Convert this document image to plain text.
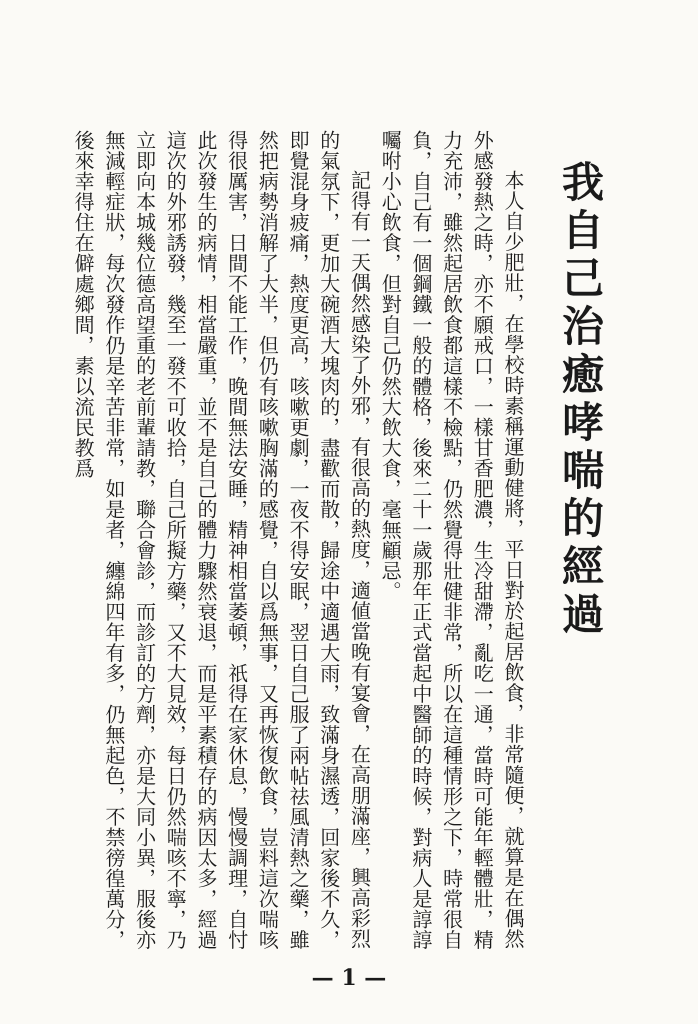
我自己治癒哮喘的經過

本人自少肥壯，在學校時素稱運動健將，平日對於起居飲食，非常隨便，就算是在偶然外感發熱之時，亦不願戒口，一樣甘香肥濃，生冷甜滯，亂吃一通，當時可能年輕體壯，精力充沛，雖然起居飲食都這樣不檢點，仍然覺得壯健非常，所以在這種情形之下，時常很自負，自己有一個鋼鐵一般的體格，後來二十一歲那年正式當起中醫師的時候，對病人是諄諄囑咐小心飲食，但對自己仍然大飲大食，毫無顧忌。

記得有一天偶然感染了外邪，有很高的熱度，適値當晚有宴會，在高朋滿座，興高彩烈的氣氛下，更加大碗酒大塊肉的，盡歡而散，歸途中適遇大雨，致滿身濕透，回家後不久，即覺混身疲痛，熱度更高，咳嗽更劇，一夜不得安眠，翌日自己服了兩帖祛風清熱之藥，雖然把病勢消解了大半，但仍有咳嗽胸滿的感覺，自以爲無事，又再恢復飲食，豈料這次喘咳得很厲害，日間不能工作，晚間無法安睡，精神相當萎頓，祇得在家休息，慢慢調理，自忖此次發生的病情，相當嚴重，並不是自己的體力驟然衰退，而是平素積存的病因太多，經過這次的外邪誘發，幾至一發不可收拾，自己所擬方藥，又不大見效，每日仍然喘咳不寧，乃立即向本城幾位德高望重的老前輩請教，聯合會診，而診訂的方劑，亦是大同小異，服後亦無減輕症狀，每次發作仍是辛苦非常，如是者，纏綿四年有多，仍無起色，不禁徬徨萬分，後來幸得住在僻處鄉間，素以流民教爲

— 1 —
